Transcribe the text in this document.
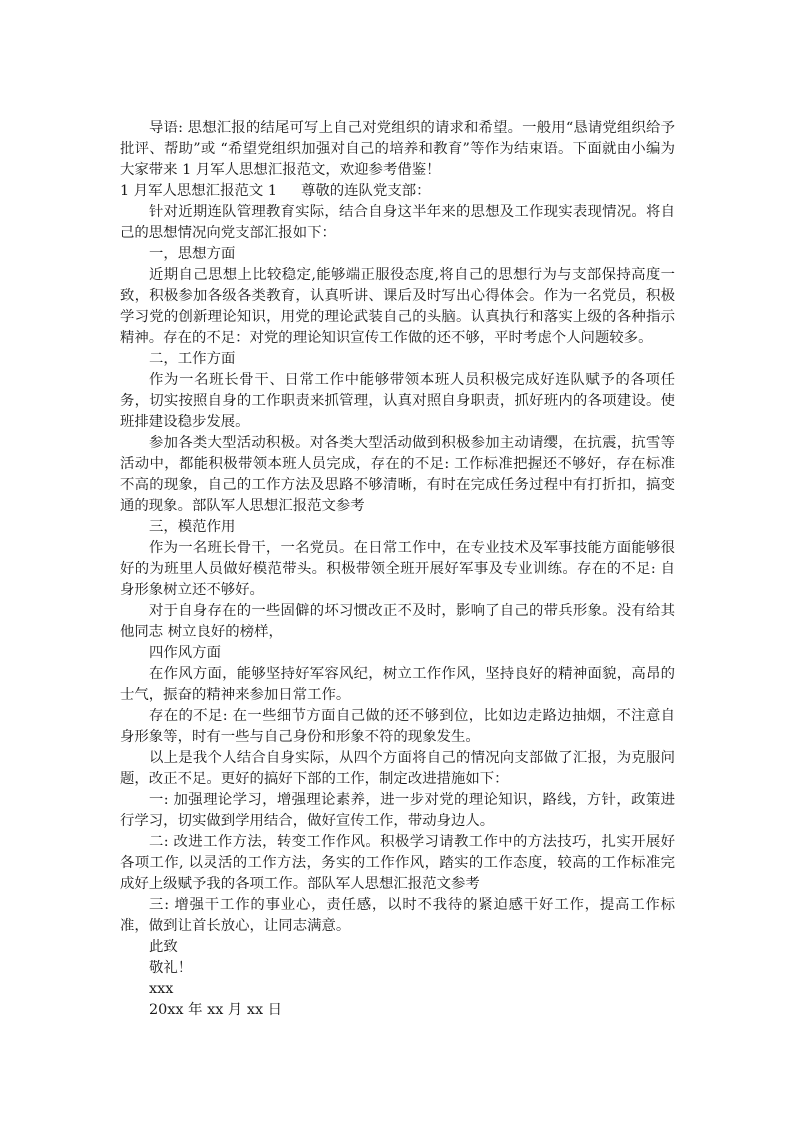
导语: 思想汇报的结尾可写上自己对党组织的请求和希望。一般用“恳请党组织给予批评、帮助”或 “希望党组织加强对自己的培养和教育”等作为结束语。下面就由小编为大家带来 1 月军人思想汇报范文，欢迎参考借鉴！

1 月军人思想汇报范文 1 尊敬的连队党支部：

针对近期连队管理教育实际，结合自身这半年来的思想及工作现实表现情况。将自己的思想情况向党支部汇报如下：

一，思想方面

近期自己思想上比较稳定,能够端正服役态度,将自己的思想行为与支部保持高度一致，积极参加各级各类教育，认真听讲、课后及时写出心得体会。作为一名党员，积极学习党的创新理论知识，用党的理论武装自己的头脑。认真执行和落实上级的各种指示精神。存在的不足：对党的理论知识宣传工作做的还不够，平时考虑个人问题较多。

二，工作方面

作为一名班长骨干、日常工作中能够带领本班人员积极完成好连队赋予的各项任务，切实按照自身的工作职责来抓管理，认真对照自身职责，抓好班内的各项建设。使班排建设稳步发展。

参加各类大型活动积极。对各类大型活动做到积极参加主动请缨，在抗震，抗雪等活动中，都能积极带领本班人员完成，存在的不足: 工作标准把握还不够好，存在标准不高的现象，自己的工作方法及思路不够清晰，有时在完成任务过程中有打折扣，搞变通的现象。部队军人思想汇报范文参考

三，模范作用

作为一名班长骨干，一名党员。在日常工作中，在专业技术及军事技能方面能够很好的为班里人员做好模范带头。积极带领全班开展好军事及专业训练。存在的不足: 自身形象树立还不够好。

对于自身存在的一些固僻的坏习惯改正不及时，影响了自己的带兵形象。没有给其他同志 树立良好的榜样，

四作风方面

在作风方面，能够坚持好军容风纪，树立工作作风，坚持良好的精神面貌，高昂的士气，振奋的精神来参加日常工作。

存在的不足: 在一些细节方面自己做的还不够到位，比如边走路边抽烟，不注意自身形象等，时有一些与自己身份和形象不符的现象发生。

以上是我个人结合自身实际，从四个方面将自己的情况向支部做了汇报，为克服问题，改正不足。更好的搞好下部的工作，制定改进措施如下：

一: 加强理论学习，增强理论素养，进一步对党的理论知识，路线，方针，政策进行学习，切实做到学用结合，做好宣传工作，带动身边人。

二: 改进工作方法，转变工作作风。积极学习请教工作中的方法技巧，扎实开展好各项工作, 以灵活的工作方法，务实的工作作风，踏实的工作态度，较高的工作标准完成好上级赋予我的各项工作。部队军人思想汇报范文参考

三: 增强干工作的事业心，责任感，以时不我待的紧迫感干好工作，提高工作标准，做到让首长放心，让同志满意。

此致

敬礼！

xxx

20xx 年 xx 月 xx 日
